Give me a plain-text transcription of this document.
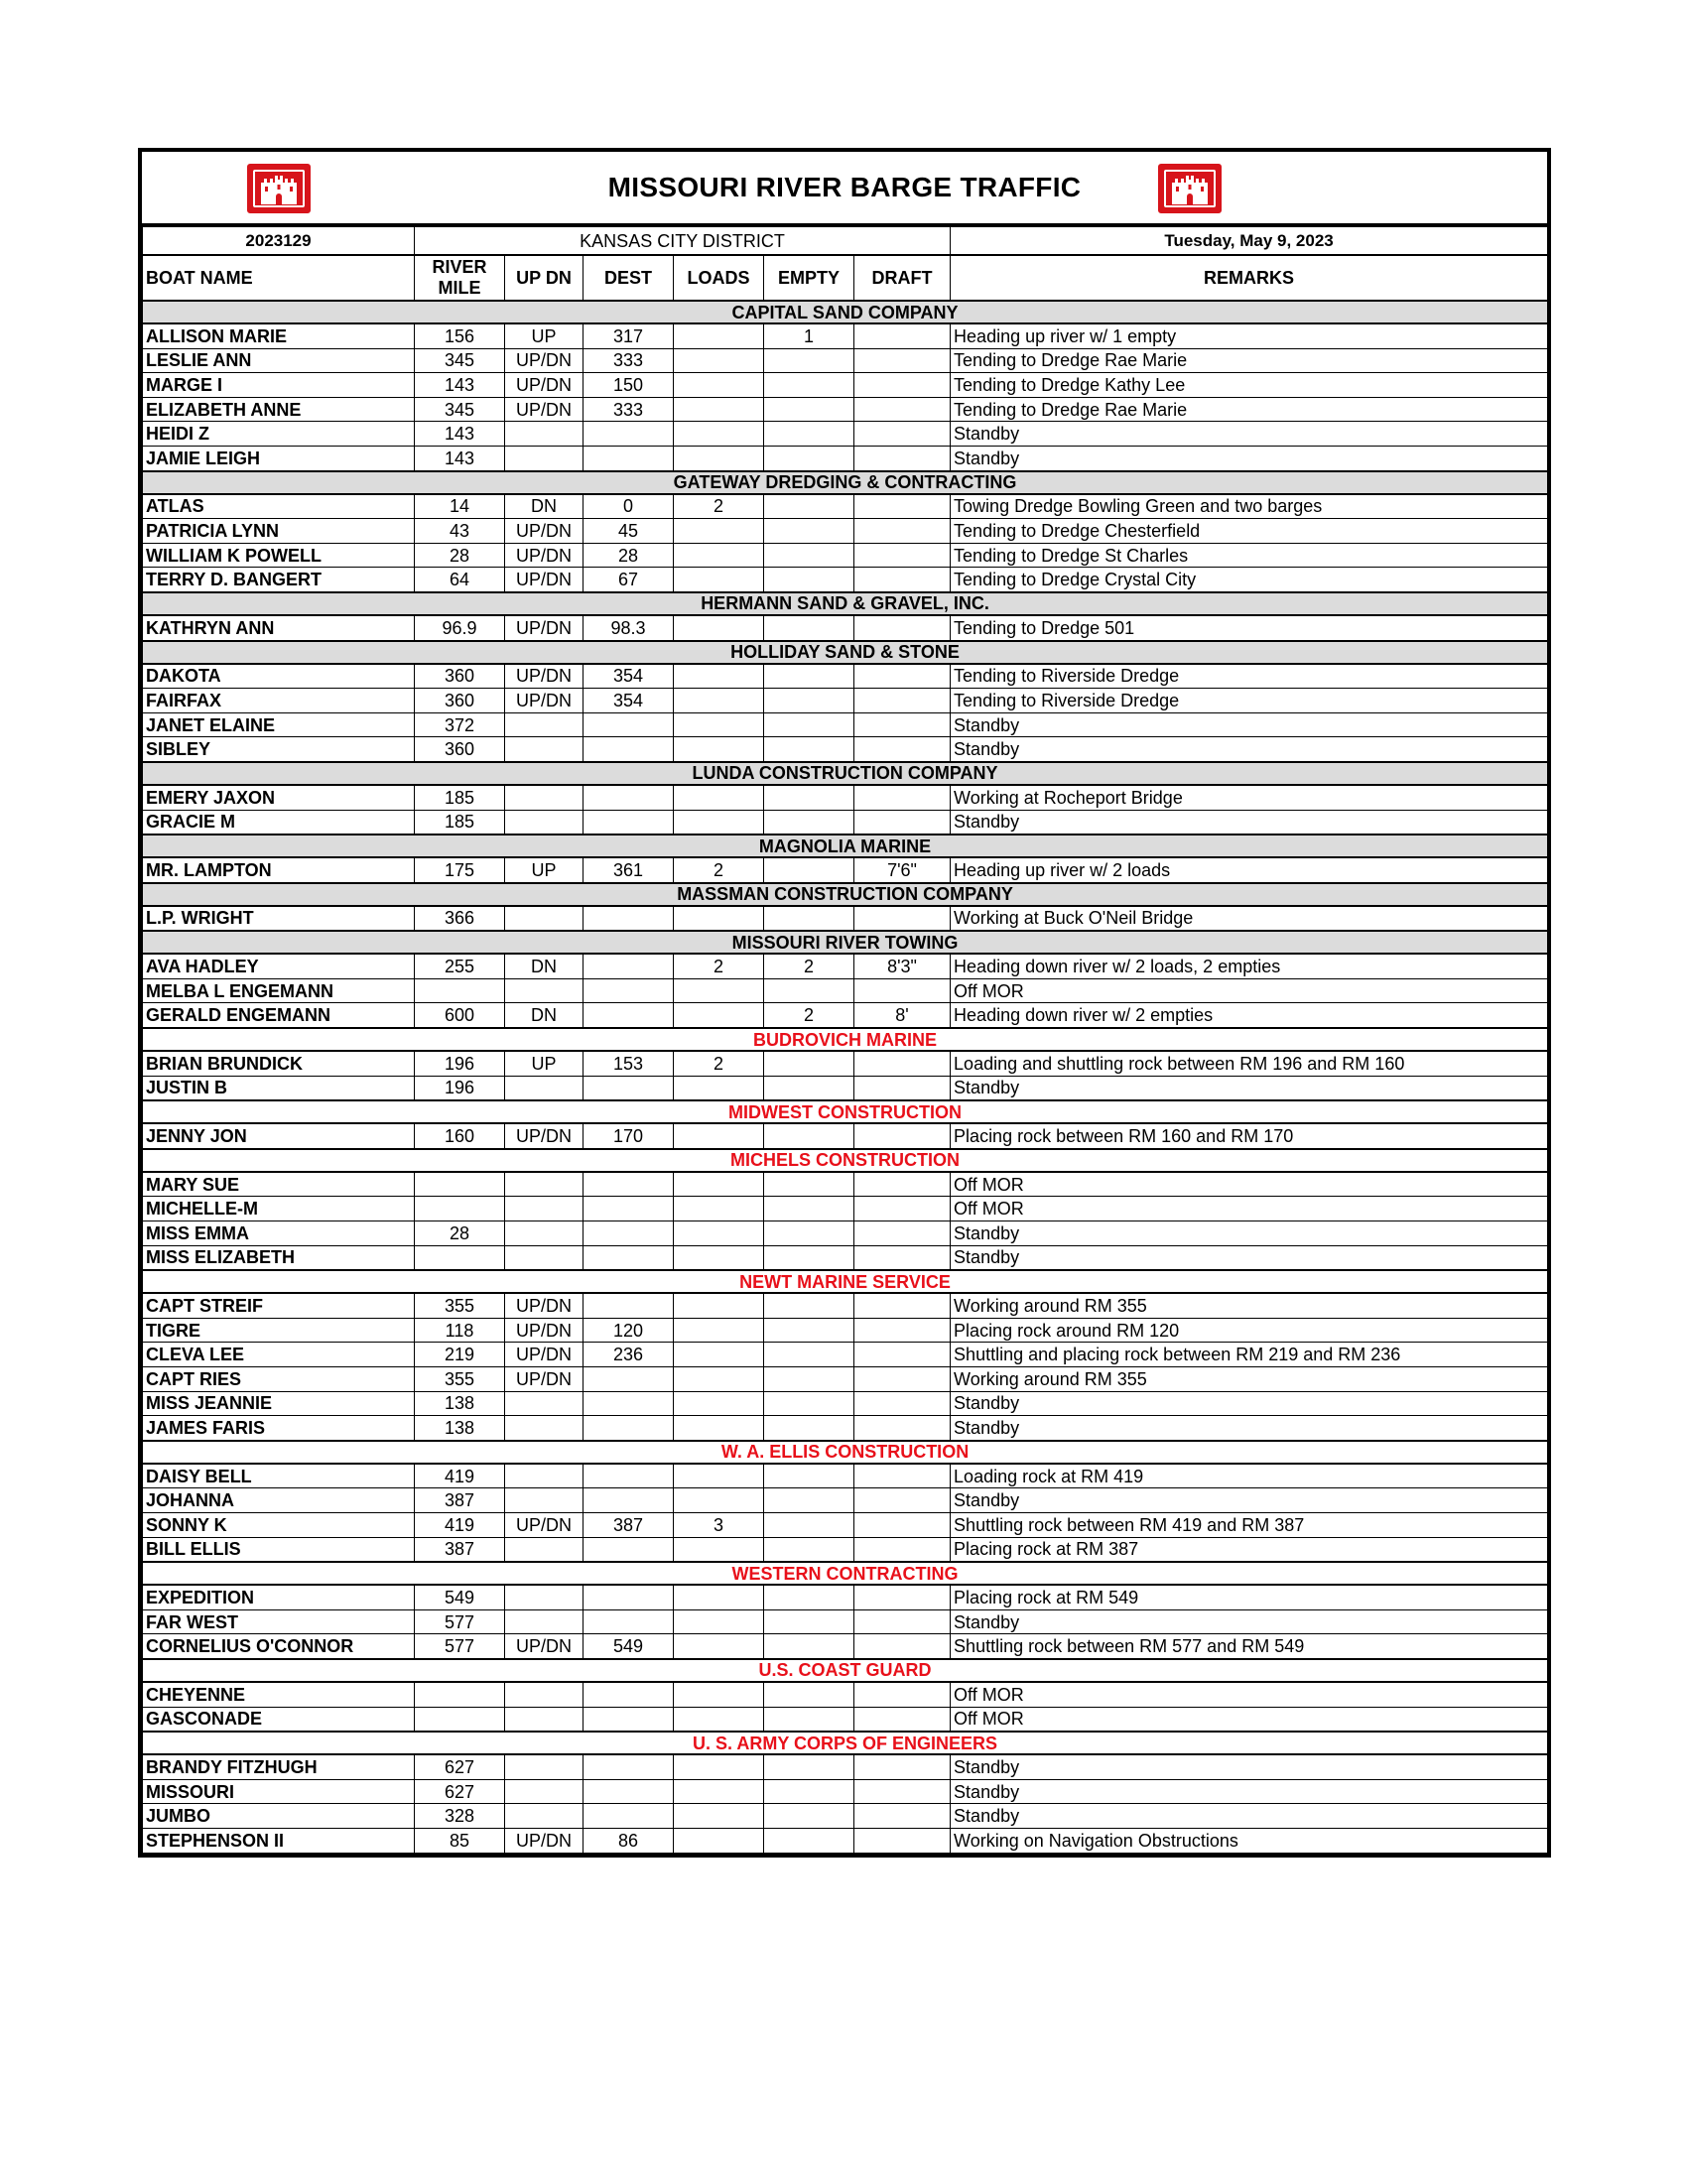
MISSOURI RIVER BARGE TRAFFIC
2023129	KANSAS CITY DISTRICT						Tuesday, May 9, 2023
BOAT NAME	RIVER MILE	UP DN	DEST	LOADS	EMPTY	DRAFT	REMARKS
CAPITAL SAND COMPANY							
ALLISON MARIE	156	UP	317		1		Heading up river w/ 1 empty
LESLIE ANN	345	UP/DN	333				Tending to Dredge Rae Marie
MARGE I	143	UP/DN	150				Tending to Dredge Kathy Lee
ELIZABETH ANNE	345	UP/DN	333				Tending to Dredge Rae Marie
HEIDI Z	143						Standby
JAMIE LEIGH	143						Standby
GATEWAY DREDGING & CONTRACTING							
ATLAS	14	DN	0	2			Towing Dredge Bowling Green and two barges
PATRICIA LYNN	43	UP/DN	45				Tending to Dredge Chesterfield
WILLIAM K POWELL	28	UP/DN	28				Tending to Dredge St Charles
TERRY D. BANGERT	64	UP/DN	67				Tending to Dredge Crystal City
HERMANN SAND & GRAVEL, INC.							
KATHRYN ANN	96.9	UP/DN	98.3				Tending to Dredge 501
HOLLIDAY SAND & STONE							
DAKOTA	360	UP/DN	354				Tending to Riverside Dredge
FAIRFAX	360	UP/DN	354				Tending to Riverside Dredge
JANET ELAINE	372						Standby
SIBLEY	360						Standby
LUNDA CONSTRUCTION COMPANY							
EMERY JAXON	185						Working at Rocheport Bridge
GRACIE M	185						Standby
MAGNOLIA MARINE							
MR. LAMPTON	175	UP	361	2		7'6"	Heading up river w/ 2 loads
MASSMAN CONSTRUCTION COMPANY							
L.P. WRIGHT	366						Working at Buck O'Neil Bridge
MISSOURI RIVER TOWING							
AVA HADLEY	255	DN		2	2	8'3"	Heading down river w/ 2 loads, 2 empties
MELBA L ENGEMANN							Off MOR
GERALD ENGEMANN	600	DN			2	8'	Heading down river w/ 2 empties
BUDROVICH MARINE							
BRIAN BRUNDICK	196	UP	153	2			Loading and shuttling rock between RM 196 and RM 160
JUSTIN B	196						Standby
MIDWEST CONSTRUCTION							
JENNY JON	160	UP/DN	170				Placing rock between RM 160 and RM 170
MICHELS CONSTRUCTION							
MARY SUE							Off MOR
MICHELLE-M							Off MOR
MISS EMMA	28						Standby
MISS ELIZABETH							Standby
NEWT MARINE SERVICE							
CAPT STREIF	355	UP/DN					Working around RM 355
TIGRE	118	UP/DN	120				Placing rock around RM 120
CLEVA LEE	219	UP/DN	236				Shuttling and placing rock between RM 219 and RM 236
CAPT RIES	355	UP/DN					Working around RM 355
MISS JEANNIE	138						Standby
JAMES FARIS	138						Standby
W. A. ELLIS CONSTRUCTION							
DAISY BELL	419						Loading rock at RM 419
JOHANNA	387						Standby
SONNY K	419	UP/DN	387	3			Shuttling rock between RM 419 and RM 387
BILL ELLIS	387						Placing rock at RM 387
WESTERN CONTRACTING							
EXPEDITION	549						Placing rock at RM 549
FAR WEST	577						Standby
CORNELIUS O'CONNOR	577	UP/DN	549				Shuttling rock between RM 577 and RM 549
U.S. COAST GUARD							
CHEYENNE							Off MOR
GASCONADE							Off MOR
U. S. ARMY CORPS OF ENGINEERS							
BRANDY FITZHUGH	627						Standby
MISSOURI	627						Standby
JUMBO	328						Standby
STEPHENSON II	85	UP/DN	86				Working on Navigation Obstructions
